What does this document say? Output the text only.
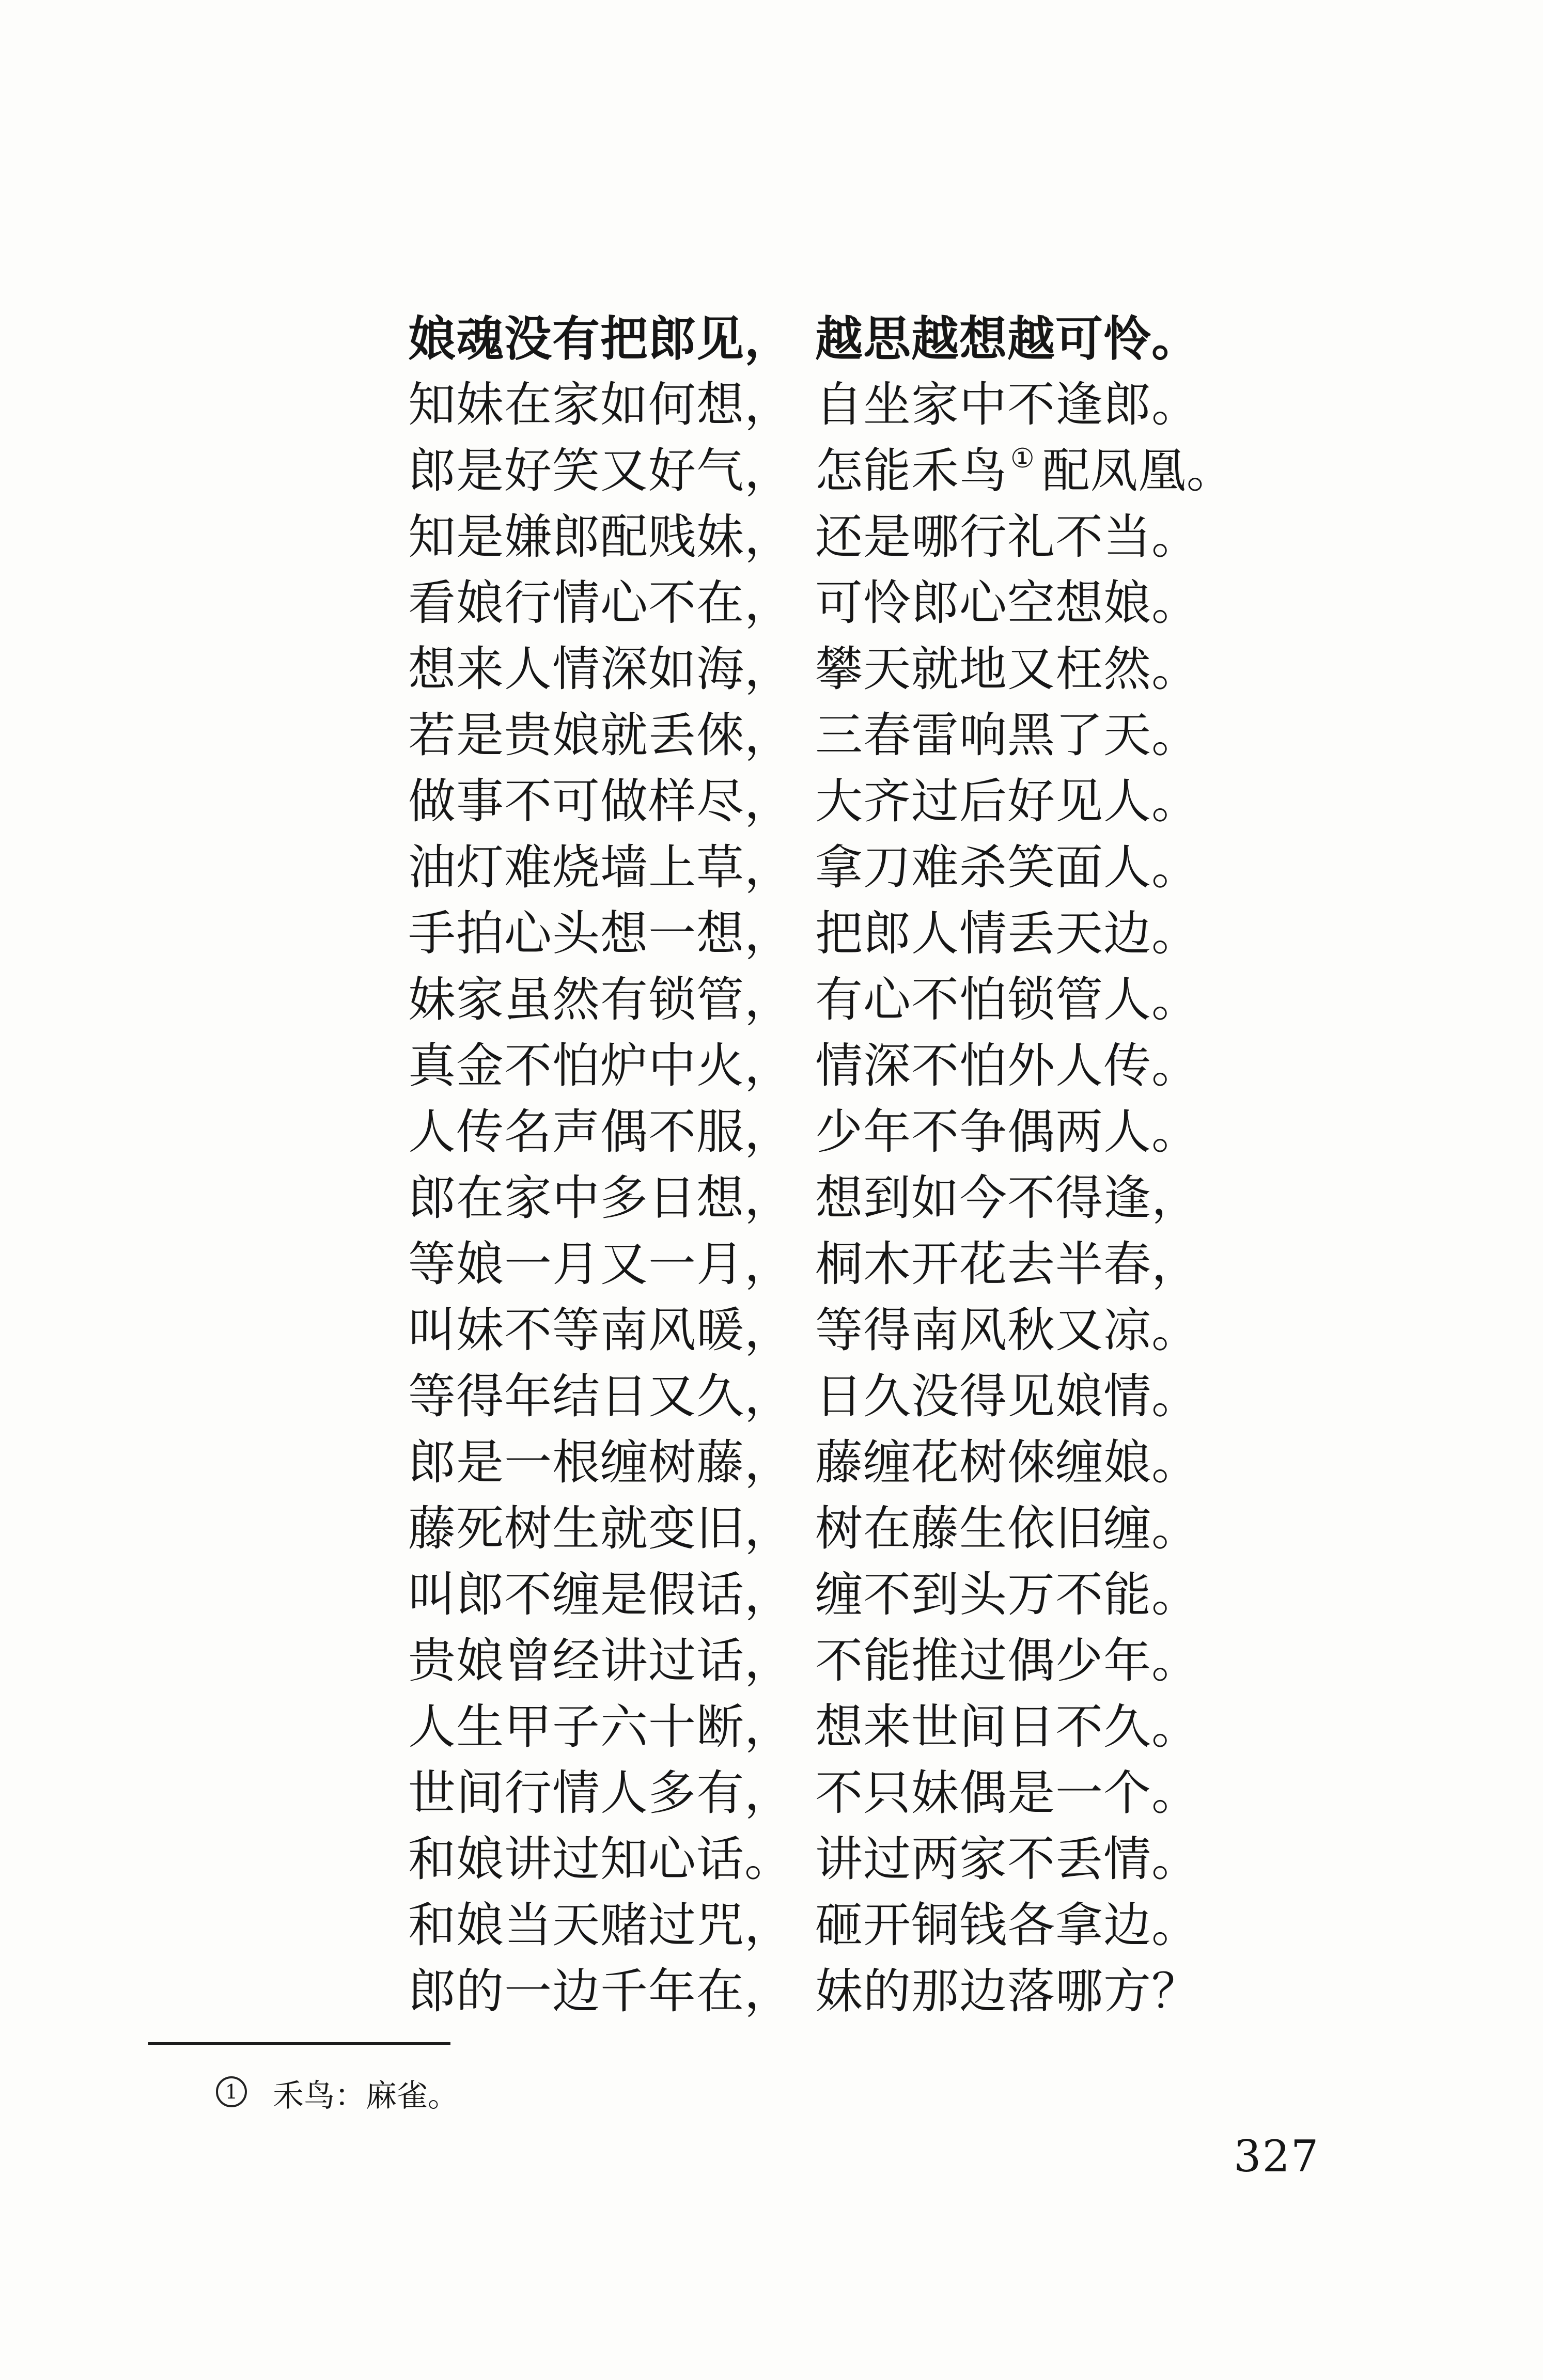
娘魂没有把郎见， 越思越想越可怜。
知妹在家如何想， 自坐家中不逢郎。
郎是好笑又好气， 怎能禾鸟 ① 配凤凰。
知是嫌郎配贱妹， 还是哪行礼不当。
看娘行情心不在， 可怜郎心空想娘。
想来人情深如海， 攀天就地又枉然。
若是贵娘就丢倈， 三春雷响黑了天。
做事不可做样尽， 大齐过后好见人。
油灯难烧墙上草， 拿刀难杀笑面人。
手拍心头想一想， 把郎人情丢天边。
妹家虽然有锁管， 有心不怕锁管人。
真金不怕炉中火， 情深不怕外人传。
人传名声偶不服， 少年不争偶两人。
郎在家中多日想， 想到如今不得逢，
等娘一月又一月， 桐木开花去半春，
叫妹不等南风暖， 等得南风秋又凉。
等得年结日又久， 日久没得见娘情。
郎是一根缠树藤， 藤缠花树倈缠娘。
藤死树生就变旧， 树在藤生依旧缠。
叫郎不缠是假话， 缠不到头万不能。
贵娘曾经讲过话， 不能推过偶少年。
人生甲子六十断， 想来世间日不久。
世间行情人多有， 不只妹偶是一个。
和娘讲过知心话。 讲过两家不丢情。
和娘当天赌过咒， 砸开铜钱各拿边。
郎的一边千年在， 妹的那边落哪方？
1 禾鸟：麻雀。
327
